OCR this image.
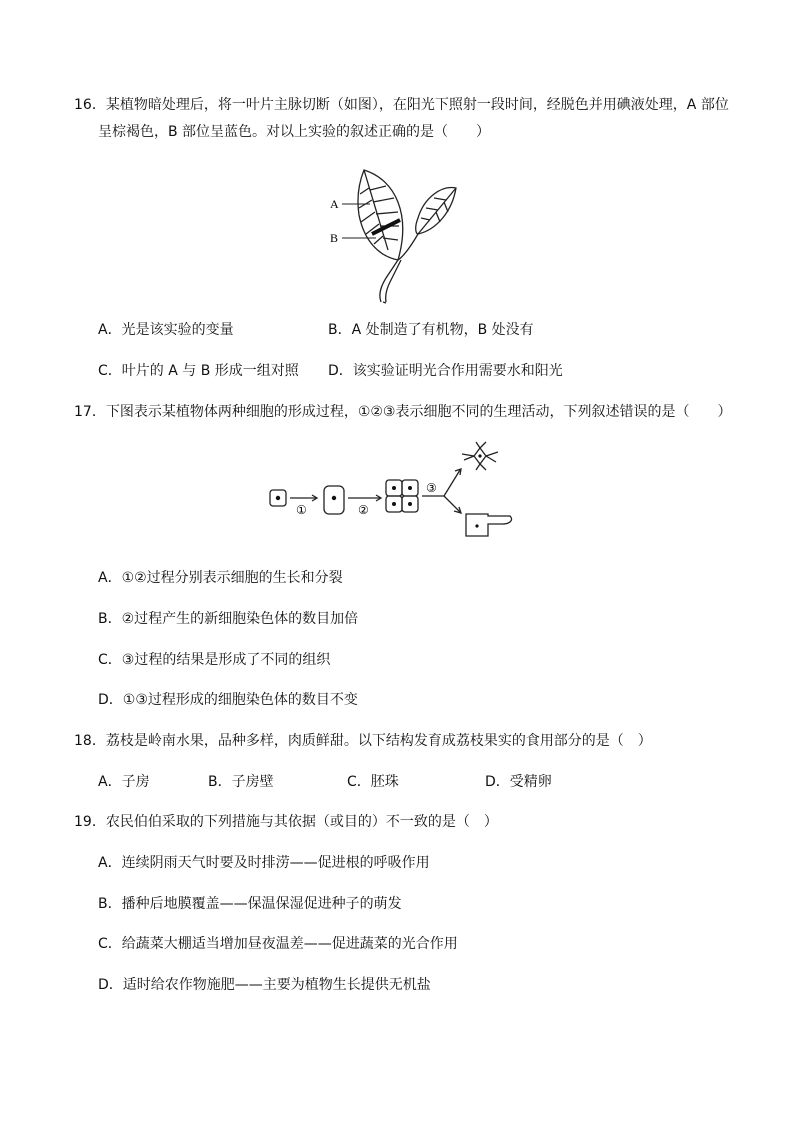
16．某植物暗处理后，将一叶片主脉切断（如图），在阳光下照射一段时间，经脱色并用碘液处理，A 部位
呈棕褐色，B 部位呈蓝色。对以上实验的叙述正确的是（　　）
A
B
A．光是该实验的变量	B．A 处制造了有机物，B 处没有
C．叶片的 A 与 B 形成一组对照 D．该实验证明光合作用需要水和阳光
17．下图表示某植物体两种细胞的形成过程，①②③表示细胞不同的生理活动，下列叙述错误的是（　　）
①	②
③
A．①②过程分别表示细胞的生长和分裂
B．②过程产生的新细胞染色体的数目加倍
C．③过程的结果是形成了不同的组织
D．①③过程形成的细胞染色体的数目不变
18．荔枝是岭南水果，品种多样，肉质鲜甜。以下结构发育成荔枝果实的食用部分的是（　）
A．子房	B．子房壁	C．胚珠	D．受精卵
19．农民伯伯采取的下列措施与其依据（或目的）不一致的是（　）
A．连续阴雨天气时要及时排涝——促进根的呼吸作用
B．播种后地膜覆盖——保温保湿促进种子的萌发
C．给蔬菜大棚适当增加昼夜温差——促进蔬菜的光合作用
D．适时给农作物施肥——主要为植物生长提供无机盐
